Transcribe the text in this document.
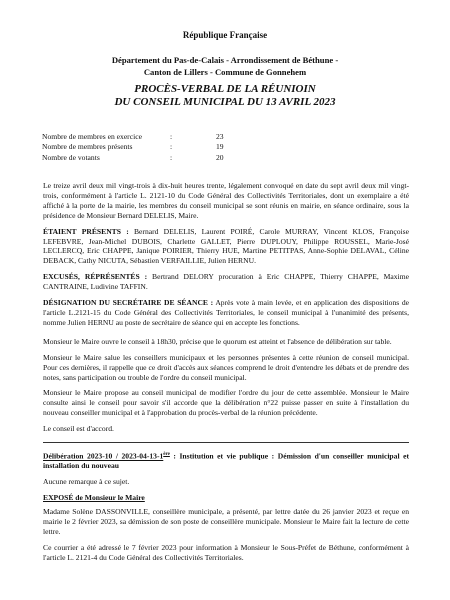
République Française
Département du Pas-de-Calais - Arrondissement de Béthune -
Canton de Lillers - Commune de Gonnehem
PROCÈS-VERBAL DE LA RÉUNIOIN
DU CONSEIL MUNICIPAL DU 13 AVRIL 2023
Nombre de membres en exercice	:	23
Nombre de membres présents	:	19
Nombre de votants	:	20

Le treize avril deux mil vingt-trois à dix-huit heures trente, légalement convoqué en date du sept avril deux mil vingt-trois, conformément à l'article L. 2121-10 du Code Général des Collectivités Territoriales, dont un exemplaire a été affiché à la porte de la mairie, les membres du conseil municipal se sont réunis en mairie, en séance ordinaire, sous la présidence de Monsieur Bernard DELELIS, Maire.

ÉTAIENT PRÉSENTS : Bernard DELELIS, Laurent POIRÉ, Carole MURRAY, Vincent KLOS, Françoise LEFEBVRE, Jean-Michel DUBOIS, Charlette GALLET, Pierre DUPLOUY, Philippe ROUSSEL, Marie-José LECLERCQ, Eric CHAPPE, Janique POIRIER, Thierry HUE, Martine PETITPAS, Anne-Sophie DELAVAL, Céline DEBACK, Cathy NICUTA, Sébastien VERFAILLIE, Julien HERNU.

EXCUSÉS, RÉPRÉSENTÉS : Bertrand DELORY procuration à Eric CHAPPE, Thierry CHAPPE, Maxime CANTRAINE, Ludivine TAFFIN.

DÉSIGNATION DU SECRÉTAIRE DE SÉANCE : Après vote à main levée, et en application des dispositions de l'article L.2121-15 du Code Général des Collectivités Territoriales, le conseil municipal à l'unanimité des présents, nomme Julien HERNU au poste de secrétaire de séance qui en accepte les fonctions.

Monsieur le Maire ouvre le conseil à 18h30, précise que le quorum est atteint et l'absence de délibération sur table.

Monsieur le Maire salue les conseillers municipaux et les personnes présentes à cette réunion de conseil municipal. Pour ces dernières, il rappelle que ce droit d'accès aux séances comprend le droit d'entendre les débats et de prendre des notes, sans participation ou trouble de l'ordre du conseil municipal.

Monsieur le Maire propose au conseil municipal de modifier l'ordre du jour de cette assemblée. Monsieur le Maire consulte ainsi le conseil pour savoir s'il accorde que la délibération n°22 puisse passer en suite à l'installation du nouveau conseiller municipal et à l'approbation du procès-verbal de la réunion précédente.

Le conseil est d'accord.

Délibération 2023-10 / 2023-04-13-1ère : Institution et vie publique : Démission d'un conseiller municipal et installation du nouveau

Aucune remarque à ce sujet.

EXPOSÉ de Monsieur le Maire

Madame Solène DASSONVILLE, conseillère municipale, a présenté, par lettre datée du 26 janvier 2023 et reçue en mairie le 2 février 2023, sa démission de son poste de conseillère municipale. Monsieur le Maire fait la lecture de cette lettre.

Ce courrier a été adressé le 7 février 2023 pour information à Monsieur le Sous-Préfet de Béthune, conformément à l'article L. 2121-4 du Code Général des Collectivités Territoriales.
